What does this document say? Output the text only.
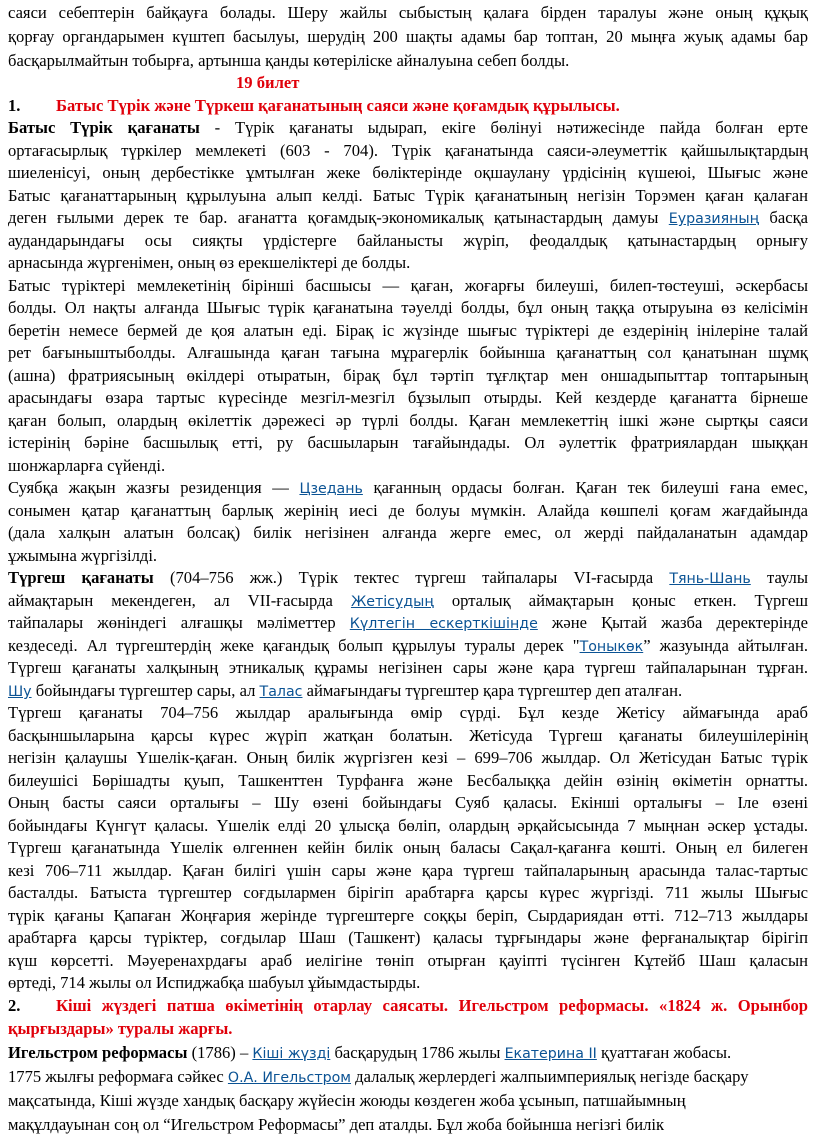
саяси себептерін байқауға болады. Шеру жайлы сыбыстың қалаға бірден таралуы және оның құқық
қорғау органдарымен күштеп басылуы, шерудің 200 шақты адамы бар топтан, 20 мыңға жуық адамы бар
басқарылмайтын тобырға, артынша қанды көтеріліске айналуына себеп болды.
19 билет
1. Батыс Түрік және Түркеш қағанатының саяси және қоғамдық құрылысы.
Батыс Түрік қағанаты - Түрік қағанаты ыдырап, екіге бөлінуі нәтижесінде пайда болған ерте
ортағасырлық түркілер мемлекеті (603 - 704). Түрік қағанатында саяси-әлеуметтік қайшылықтардың
шиеленісуі, оның дербестікке ұмтылған жеке бөліктерінде оқшаулану үрдісінің күшеюі, Шығыс және
Батыс қағанаттарының құрылуына алып келді. Батыс Түрік қағанатының негізін Торэмен қаған қалаған
деген ғылыми дерек те бар. ағанатта қоғамдық-экономикалық қатынастардың дамуы Еуразияның басқа
аудандарындағы осы сияқты үрдістерге байланысты жүріп, феодалдық қатынастардың орнығу
арнасында жүргенімен, оның өз ерекшеліктері де болды.
Батыс түріктері мемлекетінің бірінші басшысы — қаған, жоғарғы билеуші, билеп-төстеуші, әскербасы
болды. Ол нақты алғанда Шығыс түрік қағанатына тәуелді болды, бұл оның таққа отыруына өз келісімін
беретін немесе бермей де қоя алатын еді. Бірақ іс жүзінде шығыс түріктері де ездерінің інілеріне талай
рет бағыныштыболды. Алғашында қаған тағына мұрагерлік бойынша қағанаттың сол қанатынан шұмқ
(ашна) фратриясының өкілдері отыратын, бірақ бұл тәртіп тұғлқтар мен оншадыпыттар топтарының
арасындағы өзара тартыс күресінде мезгіл-мезгіл бұзылып отырды. Кей кездерде қағанатта бірнеше
қаған болып, олардың өкілеттік дәрежесі әр түрлі болды. Қаған мемлекеттің ішкі және сыртқы саяси
істерінің бәріне басшылық етті, ру басшыларын тағайындады. Ол әулеттік фратриялардан шыққан
шонжарларға сүйенді.
Суябқа жақын жазғы резиденция — Цзедань қағанның ордасы болған. Қаған тек билеуші ғана емес,
сонымен қатар қағанаттың барлық жерінің иесі де болуы мүмкін. Алайда көшпелі қоғам жағдайында
(дала халқын алатын болсақ) билік негізінен алғанда жерге емес, ол жерді пайдаланатын адамдар
ұжымына жүргізілді.
Түргеш қағанаты (704–756 жж.) Түрік тектес түргеш тайпалары VI-ғасырда Тянь-Шань таулы
аймақтарын мекендеген, ал VII-ғасырда Жетісудың орталық аймақтарын қоныс еткен. Түргеш
тайпалары жөніндегі алғашқы мәліметтер Күлтегін ескерткішінде және Қытай жазба деректерінде
кездеседі. Ал түргештердің жеке қағандық болып құрылуы туралы дерек "Тоныкөк” жазуында айтылған.
Түргеш қағанаты халқының этникалық құрамы негізінен сары және қара түргеш тайпаларынан тұрған.
Шу бойындағы түргештер сары, ал Талас аймағындағы түргештер қара түргештер деп аталған.
Түргеш қағанаты 704–756 жылдар аралығында өмір сүрді. Бұл кезде Жетісу аймағында араб
басқыншыларына қарсы күрес жүріп жатқан болатын. Жетісуда Түргеш қағанаты билеушілерінің
негізін қалаушы Үшелік-қаған. Оның билік жүргізген кезі – 699–706 жылдар. Ол Жетісудан Батыс түрік
билеушісі Бөрішадты қуып, Ташкенттен Турфанға және Бесбалыққа дейін өзінің өкіметін орнатты.
Оның басты саяси орталығы – Шу өзені бойындағы Суяб қаласы. Екінші орталығы – Іле өзені
бойындағы Күнгүт қаласы. Үшелік елді 20 ұлысқа бөліп, олардың әрқайсысында 7 мыңнан әскер ұстады.
Түргеш қағанатында Үшелік өлгеннен кейін билік оның баласы Сақал-қағанға көшті. Оның ел билеген
кезі 706–711 жылдар. Қаған билігі үшін сары және қара түргеш тайпаларының арасында талас-тартыс
басталды. Батыста түргештер соғдылармен бірігіп арабтарға қарсы күрес жүргізді. 711 жылы Шығыс
түрік қағаны Қапаған Жоңғария жерінде түргештерге соққы беріп, Сырдариядан өтті. 712–713 жылдары
арабтарға қарсы түріктер, соғдылар Шаш (Ташкент) қаласы тұрғындары және ферғаналықтар бірігіп
күш көрсетті. Мәуеренахрдағы араб иелігіне төніп отырған қауіпті түсінген Кұтейб Шаш қаласын
өртеді, 714 жылы ол Испиджабқа шабуыл ұйымдастырды.
2. Кіші жүздегі патша өкіметінің отарлау саясаты. Игельстром реформасы. «1824 ж. Орынбор
қырғыздары» туралы жарғы.
Игельстром реформасы (1786) – Кіші жүзді басқарудың 1786 жылы Екатерина ІІ қуаттаған жобасы.
1775 жылғы реформаға сәйкес О.А. Игельстром далалық жерлердегі жалпыимпериялық негізде басқару
мақсатында, Кіші жүзде хандық басқару жүйесін жоюды көздеген жоба ұсынып, патшайымның
мақұлдауынан соң ол “Игельстром Реформасы” деп аталды. Бұл жоба бойынша негізгі билік
